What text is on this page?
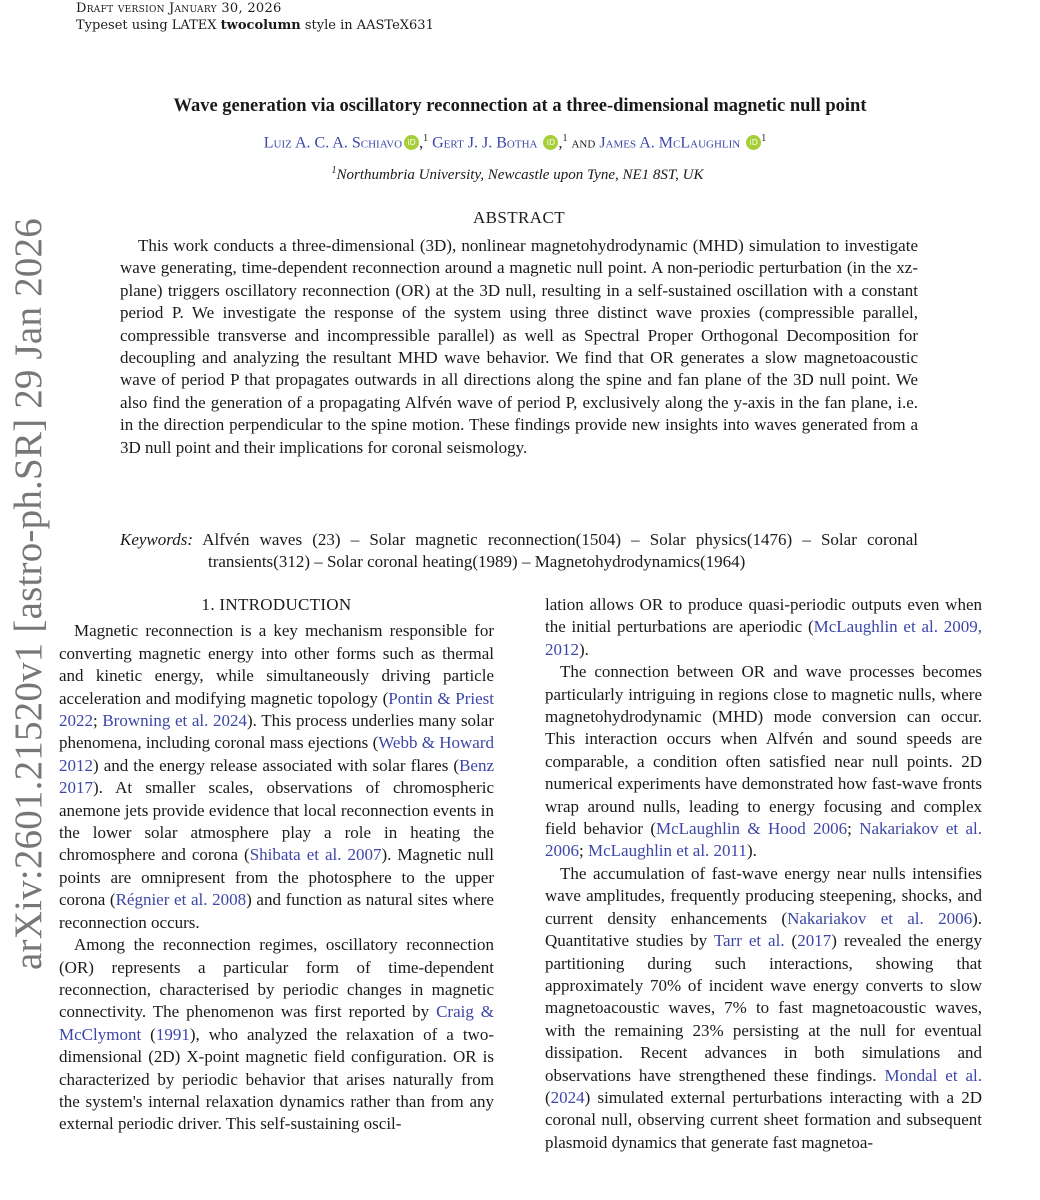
Draft version January 30, 2026
Typeset using LATEX twocolumn style in AASTeX631
arXiv:2601.21520v1 [astro-ph.SR] 29 Jan 2026
Wave generation via oscillatory reconnection at a three-dimensional magnetic null point
Luiz A. C. A. Schiavo iD ,$^1$ Gert J. J. Botha iD ,$^1$ and James A. McLaughlin iD $^1$
$^1$Northumbria University, Newcastle upon Tyne, NE1 8ST, UK
ABSTRACT
This work conducts a three-dimensional (3D), nonlinear magnetohydrodynamic (MHD) simulation to investigate wave generating, time-dependent reconnection around a magnetic null point. A non-periodic perturbation (in the xz-plane) triggers oscillatory reconnection (OR) at the 3D null, resulting in a self-sustained oscillation with a constant period P. We investigate the response of the system using three distinct wave proxies (compressible parallel, compressible transverse and incompressible parallel) as well as Spectral Proper Orthogonal Decomposition for decoupling and analyzing the resultant MHD wave behavior. We find that OR generates a slow magnetoacoustic wave of period P that propagates outwards in all directions along the spine and fan plane of the 3D null point. We also find the generation of a propagating Alfvén wave of period P, exclusively along the y-axis in the fan plane, i.e. in the direction perpendicular to the spine motion. These findings provide new insights into waves generated from a 3D null point and their implications for coronal seismology.
Keywords: Alfvén waves (23) – Solar magnetic reconnection(1504) – Solar physics(1476) – Solar coronal transients(312) – Solar coronal heating(1989) – Magnetohydrodynamics(1964)
1. INTRODUCTION

Magnetic reconnection is a key mechanism responsible for converting magnetic energy into other forms such as thermal and kinetic energy, while simultaneously driving particle acceleration and modifying magnetic topology (Pontin & Priest 2022; Browning et al. 2024). This process underlies many solar phenomena, including coronal mass ejections (Webb & Howard 2012) and the energy release associated with solar flares (Benz 2017). At smaller scales, observations of chromospheric anemone jets provide evidence that local reconnection events in the lower solar atmosphere play a role in heating the chromosphere and corona (Shibata et al. 2007). Magnetic null points are omnipresent from the photosphere to the upper corona (Régnier et al. 2008) and function as natural sites where reconnection occurs.

Among the reconnection regimes, oscillatory reconnection (OR) represents a particular form of time-dependent reconnection, characterised by periodic changes in magnetic connectivity. The phenomenon was first reported by Craig & McClymont (1991), who analyzed the relaxation of a two-dimensional (2D) X-point magnetic field configuration. OR is characterized by periodic behavior that arises naturally from the system's internal relaxation dynamics rather than from any external periodic driver. This self-sustaining oscil-

lation allows OR to produce quasi-periodic outputs even when the initial perturbations are aperiodic (McLaughlin et al. 2009, 2012).

The connection between OR and wave processes becomes particularly intriguing in regions close to magnetic nulls, where magnetohydrodynamic (MHD) mode conversion can occur. This interaction occurs when Alfvén and sound speeds are comparable, a condition often satisfied near null points. 2D numerical experiments have demonstrated how fast-wave fronts wrap around nulls, leading to energy focusing and complex field behavior (McLaughlin & Hood 2006; Nakariakov et al. 2006; McLaughlin et al. 2011).

The accumulation of fast-wave energy near nulls intensifies wave amplitudes, frequently producing steepening, shocks, and current density enhancements (Nakariakov et al. 2006). Quantitative studies by Tarr et al. (2017) revealed the energy partitioning during such interactions, showing that approximately 70% of incident wave energy converts to slow magnetoacoustic waves, 7% to fast magnetoacoustic waves, with the remaining 23% persisting at the null for eventual dissipation. Recent advances in both simulations and observations have strengthened these findings. Mondal et al. (2024) simulated external perturbations interacting with a 2D coronal null, observing current sheet formation and subsequent plasmoid dynamics that generate fast magnetoa-
